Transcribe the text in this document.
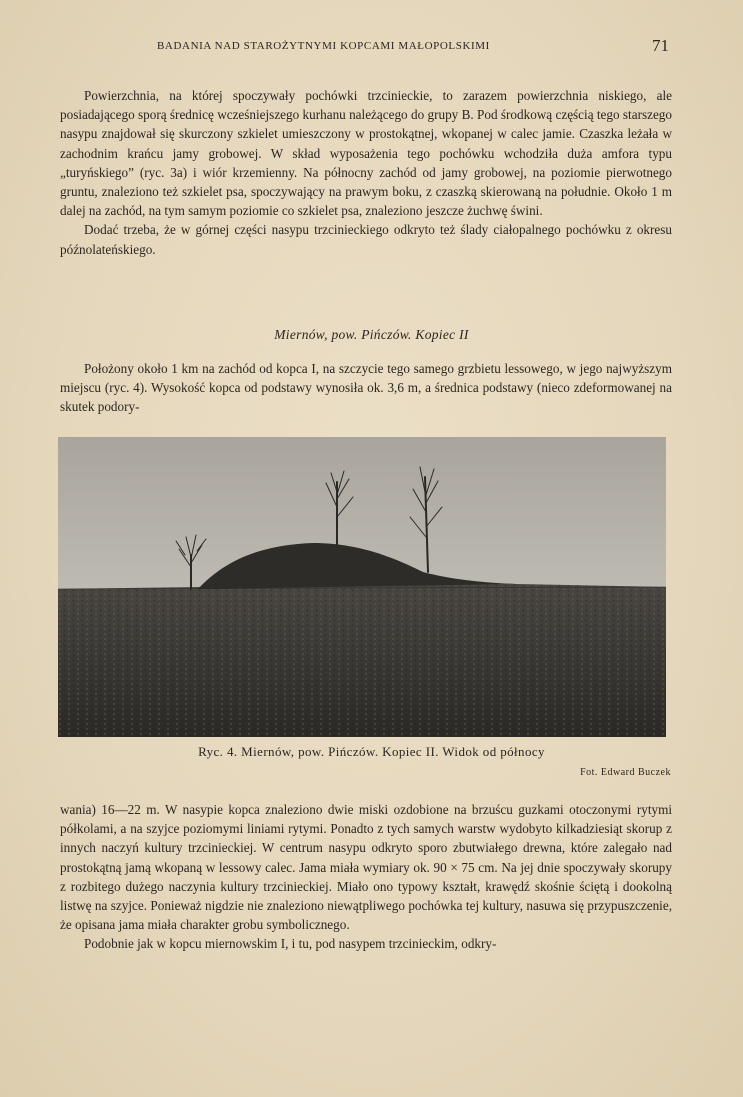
BADANIA NAD STAROŻYTNYMI KOPCAMI MAŁOPOLSKIMI	71

Powierzchnia, na której spoczywały pochówki trzcinieckie, to zarazem powierzchnia niskiego, ale posiadającego sporą średnicę wcześniejszego kurhanu należącego do grupy B. Pod środkową częścią tego starszego nasypu znajdował się skurczony szkielet umieszczony w prostokątnej, wkopanej w calec jamie. Czaszka leżała w zachodnim krańcu jamy grobowej. W skład wyposażenia tego pochówku wchodziła duża amfora typu „turyńskiego” (ryc. 3a) i wiór krzemienny. Na północny zachód od jamy grobowej, na poziomie pierwotnego gruntu, znaleziono też szkielet psa, spoczywający na prawym boku, z czaszką skierowaną na południe. Około 1 m dalej na zachód, na tym samym poziomie co szkielet psa, znaleziono jeszcze żuchwę świni.

Dodać trzeba, że w górnej części nasypu trzcinieckiego odkryto też ślady ciałopalnego pochówku z okresu późnolateńskiego.

Miernów, pow. Pińczów. Kopiec II

Położony około 1 km na zachód od kopca I, na szczycie tego samego grzbietu lessowego, w jego najwyższym miejscu (ryc. 4). Wysokość kopca od podstawy wynosiła ok. 3,6 m, a średnica podstawy (nieco zdeformowanej na skutek podory-

Ryc. 4. Miernów, pow. Pińczów. Kopiec II. Widok od północy
Fot. Edward Buczek

wania) 16—22 m. W nasypie kopca znaleziono dwie miski ozdobione na brzuścu guzkami otoczonymi rytymi półkolami, a na szyjce poziomymi liniami rytymi. Ponadto z tych samych warstw wydobyto kilkadziesiąt skorup z innych naczyń kultury trzcinieckiej. W centrum nasypu odkryto sporo zbutwiałego drewna, które zalegało nad prostokątną jamą wkopaną w lessowy calec. Jama miała wymiary ok. 90 × 75 cm. Na jej dnie spoczywały skorupy z rozbitego dużego naczynia kultury trzcinieckiej. Miało ono typowy kształt, krawędź skośnie ściętą i dookolną listwę na szyjce. Ponieważ nigdzie nie znaleziono niewątpliwego pochówka tej kultury, nasuwa się przypuszczenie, że opisana jama miała charakter grobu symbolicznego.

Podobnie jak w kopcu miernowskim I, i tu, pod nasypem trzcinieckim, odkry-
